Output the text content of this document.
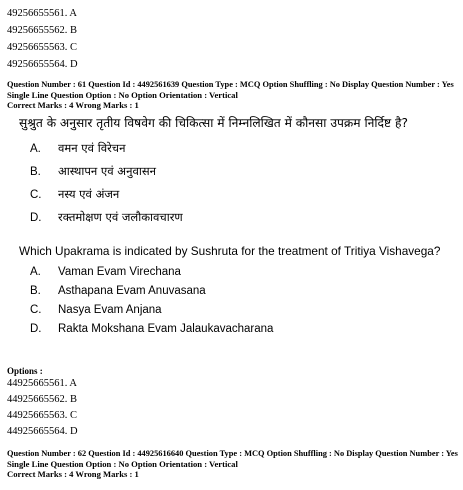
49256655561. A
49256655562. B
49256655563. C
49256655564. D
Question Number : 61 Question Id : 4492561639 Question Type : MCQ Option Shuffling : No Display Question Number : Yes
Single Line Question Option : No Option Orientation : Vertical
Correct Marks : 4 Wrong Marks : 1
सुश्रुत के अनुसार तृतीय विषवेग की चिकित्सा में निम्नलिखित में कौनसा उपक्रम निर्दिष्ट है?
A. वमन एवं विरेचन
B. आस्थापन एवं अनुवासन
C. नस्य एवं अंजन
D. रक्तमोक्षण एवं जलौकावचारण
Which Upakrama is indicated by Sushruta for the treatment of Tritiya Vishavega?
A. Vaman Evam Virechana
B. Asthapana Evam Anuvasana
C. Nasya Evam Anjana
D. Rakta Mokshana Evam Jalaukavacharana
Options :
44925665561. A
44925665562. B
44925665563. C
44925665564. D
Question Number : 62 Question Id : 44925616640 Question Type : MCQ Option Shuffling : No Display Question Number : Yes
Single Line Question Option : No Option Orientation : Vertical
Correct Marks : 4 Wrong Marks : 1
